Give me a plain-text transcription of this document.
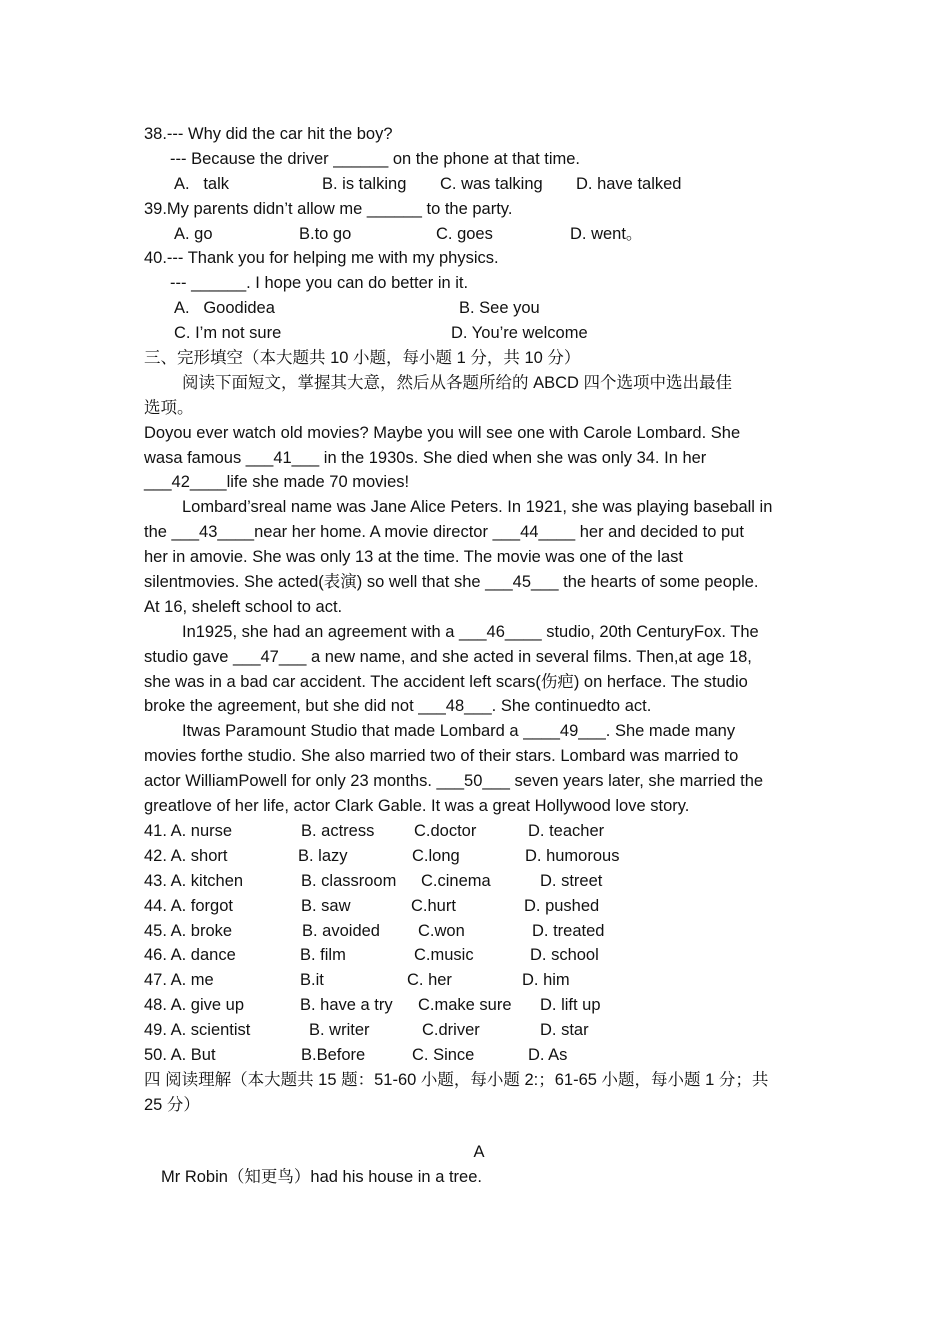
38.--- Why did the car hit the boy?
--- Because the driver ______ on the phone at that time.

A.   talk

	B. is talking

C. was talking

D. have talked

39.My parents didn’t allow me ______ to the party.

A. go

	B.to go

	C. goes

	D. went。

40.--- Thank you for helping me with my physics.
--- ______. I hope you can do better in it.

A.   Goodidea

	B. See you

C. I’m not sure

	D. You’re welcome

三、完形填空（本大题共 10 小题，每小题 1 分，共 10 分）
阅读下面短文，掌握其大意，然后从各题所给的 ABCD 四个选项中选出最佳
选项。
Doyou ever watch old movies? Maybe you will see one with Carole Lombard. She
wasa famous ___41___ in the 1930s. She died when she was only 34. In her
___42____life she made 70 movies!
Lombard’sreal name was Jane Alice Peters. In 1921, she was playing baseball in
the ___43____near her home. A movie director ___44____ her and decided to put
her in amovie. She was only 13 at the time. The movie was one of the last
silentmovies. She acted(表演) so well that she ___45___ the hearts of some people.
At 16, sheleft school to act.
In1925, she had an agreement with a ___46____ studio, 20th CenturyFox. The
studio gave ___47___ a new name, and she acted in several films. Then,at age 18,
she was in a bad car accident. The accident left scars(伤疤) on herface. The studio
broke the agreement, but she did not ___48___. She continuedto act.
Itwas Paramount Studio that made Lombard a ____49___. She made many
movies forthe studio. She also married two of their stars. Lombard was married to
actor WilliamPowell for only 23 months. ___50___ seven years later, she married the
greatlove of her life, actor Clark Gable. It was a great Hollywood love story.

41. A. nurse

	B. actress

C.doctor

	D. teacher

42. A. short

	B. lazy

	C.long

	D. humorous

43. A. kitchen

	B. classroom

C.cinema

	D. street

44. A. forgot

	B. saw

	C.hurt

	D. pushed

45. A. broke

	B. avoided

C.won

	D. treated

46. A. dance

	B. film

	C.music

	D. school

47. A. me

	B.it

	C. her

	D. him

48. A. give up

	B. have a try

C.make sure

D. lift up

49. A. scientist

	B. writer

	C.driver

	D. star

50. A. But

	B.Before

	C. Since

	D. As

四 阅读理解（本大题共 15 题：51-60 小题，每小题 2:；61-65 小题，每小题 1 分；共
25 分）
A
Mr Robin（知更鸟）had his house in a tree.
